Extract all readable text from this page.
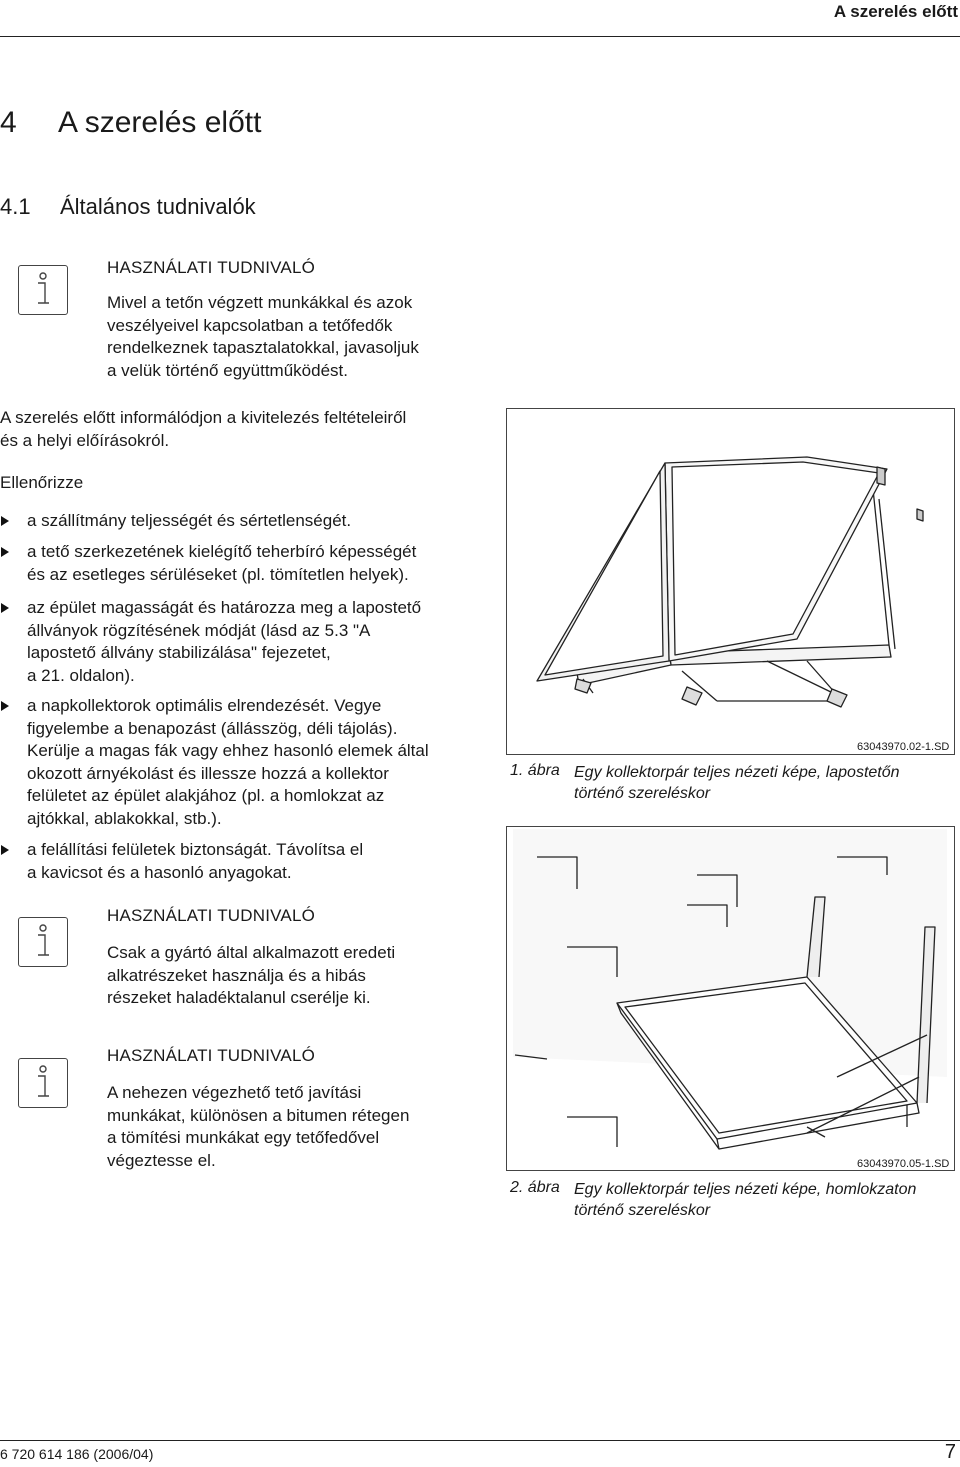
A szerelés előtt
4 A szerelés előtt
4.1 Általános tudnivalók
HASZNÁLATI TUDNIVALÓ
Mivel a tetőn végzett munkákkal és azok
veszélyeivel kapcsolatban a tetőfedők
rendelkeznek tapasztalatokkal, javasoljuk
a velük történő együttműködést.
A szerelés előtt informálódjon a kivitelezés feltételeiről
és a helyi előírásokról.
Ellenőrizze
a szállítmány teljességét és sértetlenségét.
a tető szerkezetének kielégítő teherbíró képességét
és az esetleges sérüléseket (pl. tömítetlen helyek).
az épület magasságát és határozza meg a lapostető
állványok rögzítésének módját (lásd az 5.3 "A
lapostető állvány stabilizálása" fejezetet,
a 21. oldalon).
a napkollektorok optimális elrendezését. Vegye
figyelembe a benapozást (állásszög, déli tájolás).
Kerülje a magas fák vagy ehhez hasonló elemek által
okozott árnyékolást és illessze hozzá a kollektor
felületet az épület alakjához (pl. a homlokzat az
ajtókkal, ablakokkal, stb.).
a felállítási felületek biztonságát. Távolítsa el
a kavicsot és a hasonló anyagokat.
HASZNÁLATI TUDNIVALÓ
Csak a gyártó által alkalmazott eredeti
alkatrészeket használja és a hibás
részeket haladéktalanul cserélje ki.
HASZNÁLATI TUDNIVALÓ
A nehezen végezhető tető javítási
munkákat, különösen a bitumen rétegen
a tömítési munkákat egy tetőfedővel
végeztesse el.
63043970.02-1.SD
1. ábra Egy kollektorpár teljes nézeti képe, lapostetőn
történő szereléskor
63043970.05-1.SD
2. ábra Egy kollektorpár teljes nézeti képe, homlokzaton
történő szereléskor
6 720 614 186 (2006/04)	7
